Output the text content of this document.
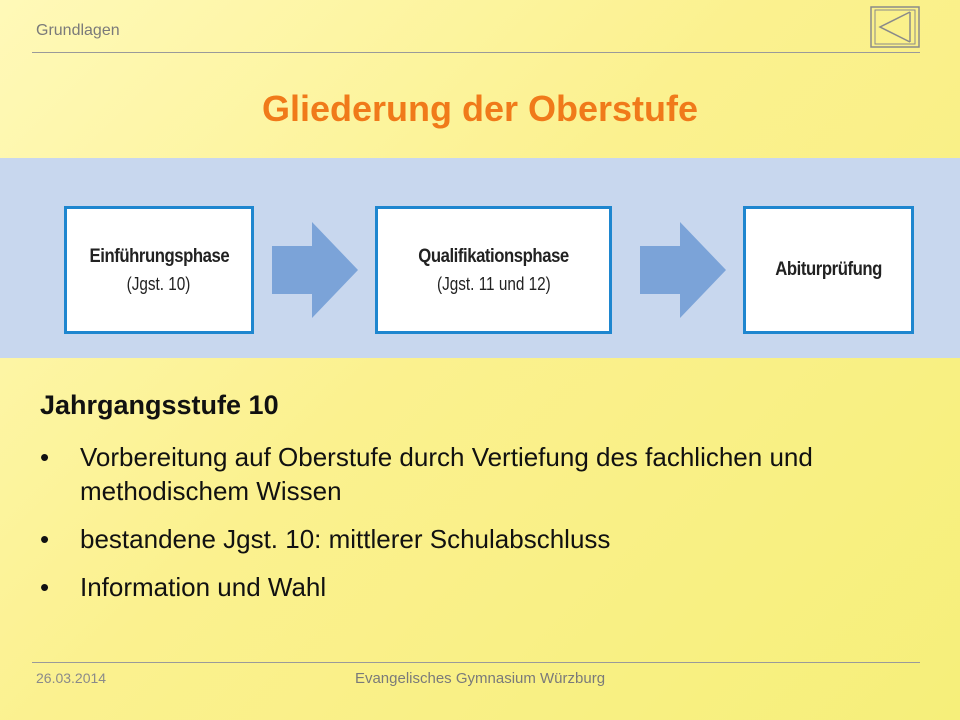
Grundlagen
Gliederung der Oberstufe
Einführungsphase
(Jgst. 10)
Qualifikationsphase
(Jgst. 11 und 12)
Abiturprüfung
Jahrgangsstufe 10
•	Vorbereitung auf Oberstufe durch Vertiefung des fachlichen und methodischem Wissen
•	bestandene Jgst. 10: mittlerer Schulabschluss
•	Information und Wahl
26.03.2014	Evangelisches Gymnasium Würzburg
